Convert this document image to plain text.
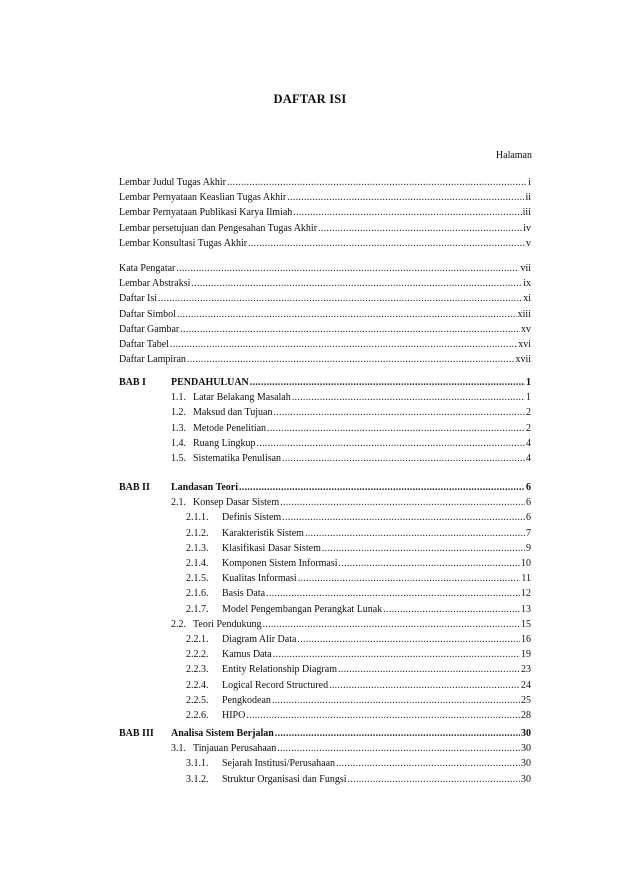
DAFTAR ISI
Halaman
Lembar Judul Tugas Akhir .....	i
Lembar Pernyataan Keaslian Tugas Akhir .....	ii
Lembar Pernyataan Publikasi Karya Ilmiah .....	iii
Lembar persetujuan dan Pengesahan Tugas Akhir .....	iv
Lembar Konsultasi Tugas Akhir .....	v
Kata Pengatar .....	vii
Lembar Abstraksi .....	ix
Daftar Isi .....	xi
Daftar Simbol .....	xiii
Daftar Gambar .....	xv
Daftar Tabel .....	xvi
Daftar Lampiran .....	xvii
BAB I	PENDAHULUAN .....	1
1.1. Latar Belakang Masalah .....	1
1.2. Maksud dan Tujuan .....	2
1.3. Metode Penelitian .....	2
1.4. Ruang Lingkup .....	4
1.5. Sistematika Penulisan .....	4
BAB II Landasan Teori .....	6
2.1. Konsep Dasar Sistem .....	6
2.1.1.	Definis Sistem .....	6
2.1.2.	Karakteristik Sistem .....	7
2.1.3.	Klasifikasi Dasar Sistem .....	9
2.1.4.	Komponen Sistem Informasi .....	10
2.1.5.	Kualitas Informasi .....	11
2.1.6.	Basis Data .....	12
2.1.7.	Model Pengembangan Perangkat Lunak .....	13
2.2. Teori Pendukung .....	15
2.2.1.	Diagram Alir Data .....	16
2.2.2.	Kamus Data .....	19
2.2.3.	Entity Relationship Diagram .....	23
2.2.4.	Logical Record Structured .....	24
2.2.5.	Pengkodean .....	25
2.2.6.	HIPO .....	28
BAB III Analisa Sistem Berjalan .....	30
3.1. Tinjauan Perusahaan .....	30
3.1.1.	Sejarah Institusi/Perusahaan .....	30
3.1.2.	Struktur Organisasi dan Fungsi .....	30
